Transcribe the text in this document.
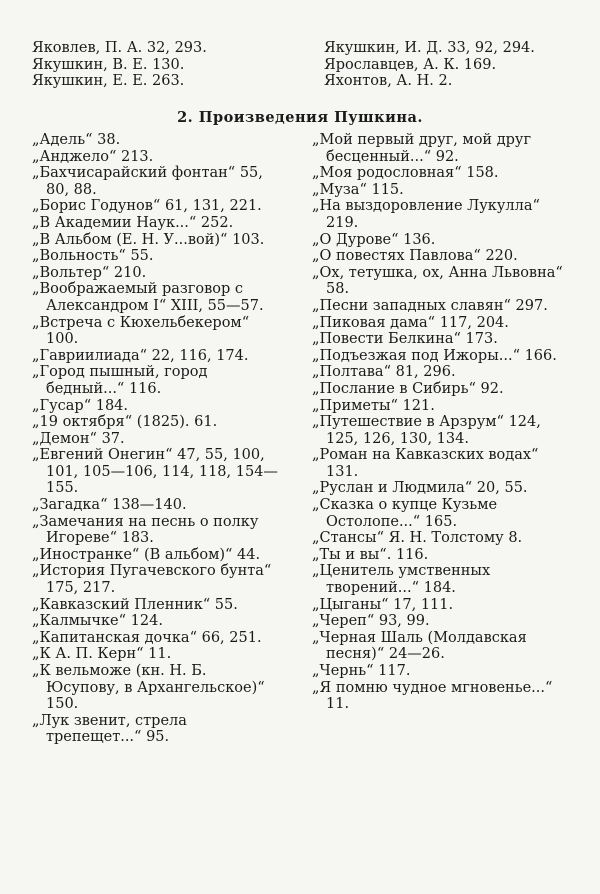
Яковлев, П. А. 32, 293.
Якушкин, В. Е. 130.
Якушкин, Е. Е. 263.
Якушкин, И. Д. 33, 92, 294.
Ярославцев, А. К. 169.
Яхонтов, А. Н. 2.
2. Произведения Пушкина.
„Адель“ 38.
„Анджело“ 213.
„Бахчисарайский фонтан“ 55, 80, 88.
„Борис Годунов“ 61, 131, 221.
„В Академии Наук...“ 252.
„В Альбом (Е. Н. У...вой)“ 103.
„Вольность“ 55.
„Вольтер“ 210.
„Воображаемый разговор с Александром I“ XIII, 55—57.
„Встреча с Кюхельбекером“ 100.
„Гавриилиада“ 22, 116, 174.
„Город пышный, город бедный...“ 116.
„Гусар“ 184.
„19 октября“ (1825). 61.
„Демон“ 37.
„Евгений Онегин“ 47, 55, 100, 101, 105—106, 114, 118, 154—155.
„Загадка“ 138—140.
„Замечания на песнь о полку Игореве“ 183.
„Иностранке“ (В альбом)“ 44.
„История Пугачевского бунта“ 175, 217.
„Кавказский Пленник“ 55.
„Калмычке“ 124.
„Капитанская дочка“ 66, 251.
„К А. П. Керн“ 11.
„К вельможе (кн. Н. Б. Юсупову, в Архангельское)“ 150.
„Лук звенит, стрела трепещет...“ 95.
„Мой первый друг, мой друг бесценный...“ 92.
„Моя родословная“ 158.
„Муза“ 115.
„На выздоровление Лукулла“ 219.
„О Дурове“ 136.
„О повестях Павлова“ 220.
„Ох, тетушка, ох, Анна Львовна“ 58.
„Песни западных славян“ 297.
„Пиковая дама“ 117, 204.
„Повести Белкина“ 173.
„Подъезжая под Ижоры...“ 166.
„Полтава“ 81, 296.
„Послание в Сибирь“ 92.
„Приметы“ 121.
„Путешествие в Арзрум“ 124, 125, 126, 130, 134.
„Роман на Кавказских водах“ 131.
„Руслан и Людмила“ 20, 55.
„Сказка о купце Кузьме Остолопе...“ 165.
„Стансы“ Я. Н. Толстому 8.
„Ты и вы“. 116.
„Ценитель умственных творений...“ 184.
„Цыганы“ 17, 111.
„Череп“ 93, 99.
„Черная Шаль (Молдавская песня)“ 24—26.
„Чернь“ 117.
„Я помню чудное мгновенье...“ 11.
